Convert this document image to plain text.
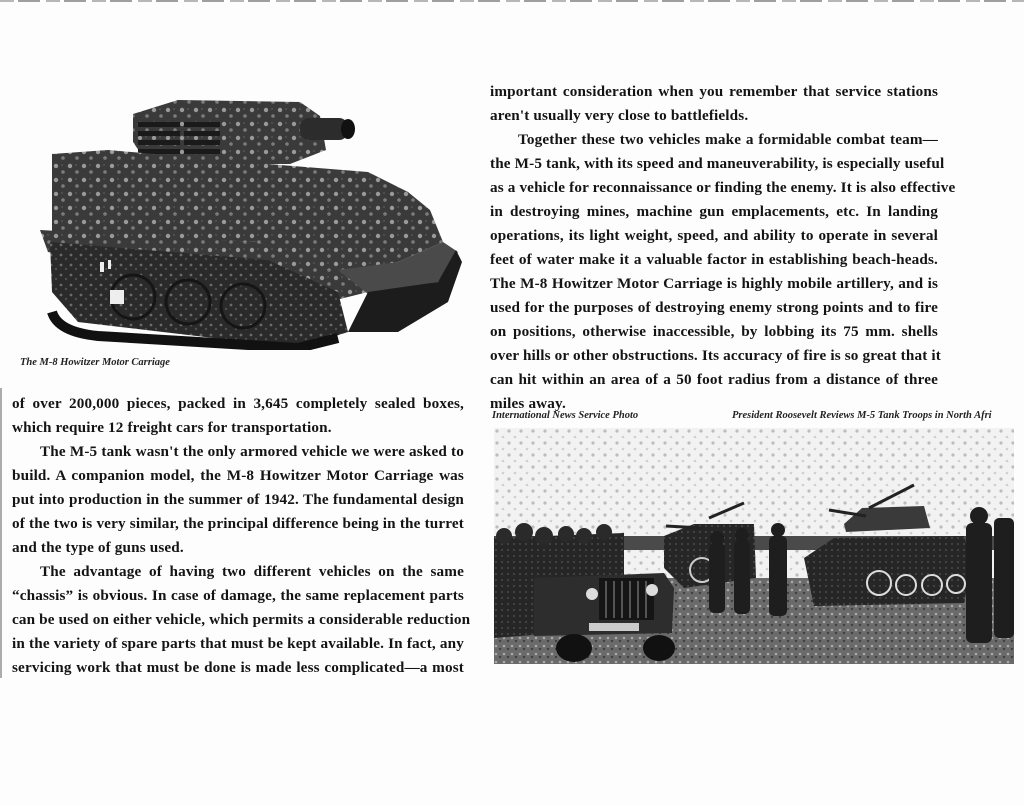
The M-8 Howitzer Motor Carriage
of over 200,000 pieces, packed in 3,645 completely sealed boxes,
which require 12 freight cars for transportation.
The M-5 tank wasn't the only armored vehicle we were asked to
build. A companion model, the M-8 Howitzer Motor Carriage was
put into production in the summer of 1942. The fundamental design
of the two is very similar, the principal difference being in the turret
and the type of guns used.
The advantage of having two different vehicles on the same
“chassis” is obvious. In case of damage, the same replacement parts
can be used on either vehicle, which permits a considerable reduction
in the variety of spare parts that must be kept available. In fact, any
servicing work that must be done is made less complicated—a most
important consideration when you remember that service stations
aren't usually very close to battlefields.
Together these two vehicles make a formidable combat team—
the M-5 tank, with its speed and maneuverability, is especially useful
as a vehicle for reconnaissance or finding the enemy. It is also effective
in destroying mines, machine gun emplacements, etc. In landing
operations, its light weight, speed, and ability to operate in several
feet of water make it a valuable factor in establishing beach-heads.
The M-8 Howitzer Motor Carriage is highly mobile artillery, and is
used for the purposes of destroying enemy strong points and to fire
on positions, otherwise inaccessible, by lobbing its 75 mm. shells
over hills or other obstructions. Its accuracy of fire is so great that it
can hit within an area of a 50 foot radius from a distance of three
miles away.
International News Service Photo	President Roosevelt Reviews M-5 Tank Troops in North Afri
